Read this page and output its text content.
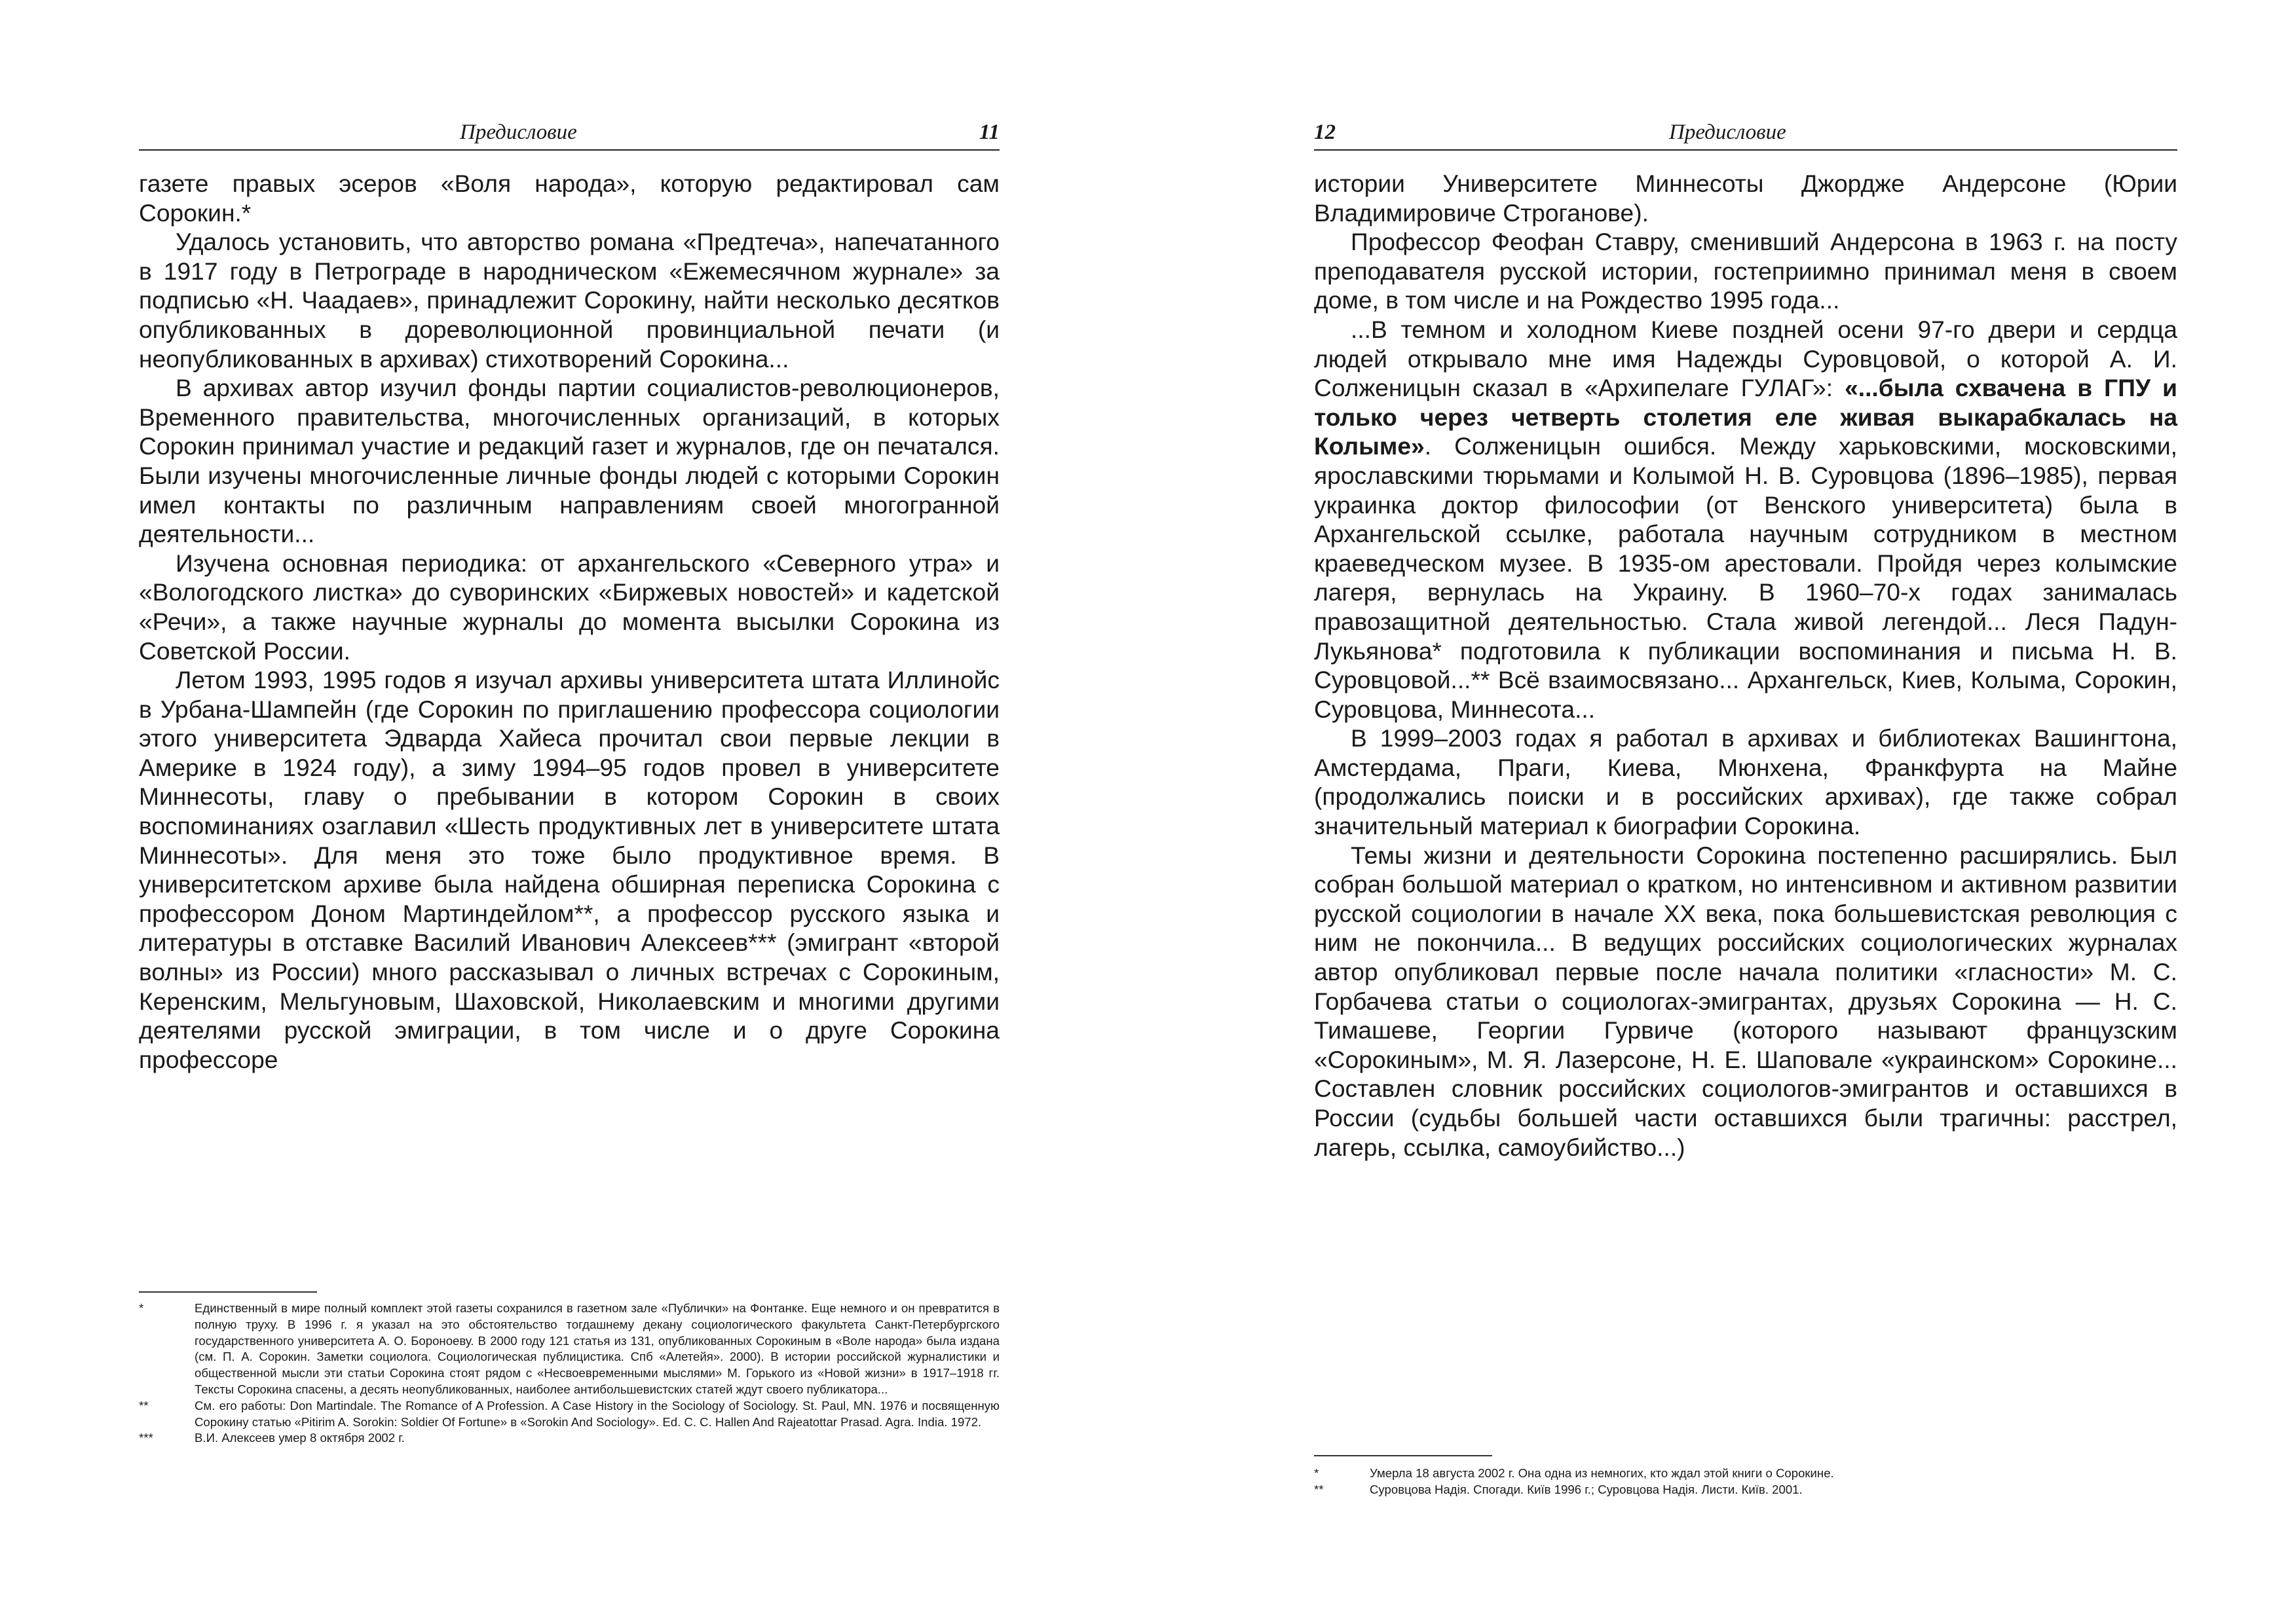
Предисловие	11

газете правых эсеров «Воля народа», которую редактировал сам Сорокин.*

Удалось установить, что авторство романа «Предтеча», напечатанного в 1917 году в Петрограде в народническом «Ежемесячном журнале» за подписью «Н. Чаадаев», принадлежит Сорокину, найти несколько десятков опубликованных в дореволюционной провинциальной печати (и неопубликованных в архивах) стихотворений Сорокина...

В архивах автор изучил фонды партии социалистов-революционеров, Временного правительства, многочисленных организаций, в которых Сорокин принимал участие и редакций газет и журналов, где он печатался. Были изучены многочисленные личные фонды людей с которыми Сорокин имел контакты по различным направлениям своей многогранной деятельности...

Изучена основная периодика: от архангельского «Северного утра» и «Вологодского листка» до суворинских «Биржевых новостей» и кадетской «Речи», а также научные журналы до момента высылки Сорокина из Советской России.

Летом 1993, 1995 годов я изучал архивы университета штата Иллинойс в Урбана-Шампейн (где Сорокин по приглашению профессора социологии этого университета Эдварда Хайеса прочитал свои первые лекции в Америке в 1924 году), а зиму 1994–95 годов провел в университете Миннесоты, главу о пребывании в котором Сорокин в своих воспоминаниях озаглавил «Шесть продуктивных лет в университете штата Миннесоты». Для меня это тоже было продуктивное время. В университетском архиве была найдена обширная переписка Сорокина с профессором Доном Мартиндейлом**, а профессор русского языка и литературы в отставке Василий Иванович Алексеев*** (эмигрант «второй волны» из России) много рассказывал о личных встречах с Сорокиным, Керенским, Мельгуновым, Шаховской, Николаевским и многими другими деятелями русской эмиграции, в том числе и о друге Сорокина профессоре

*	Единственный в мире полный комплект этой газеты сохранился в газетном зале «Публички» на Фонтанке. Еще немного и он превратится в полную труху. В 1996 г. я указал на это обстоятельство тогдашнему декану социологического факультета Санкт-Петербургского государственного университета А. О. Бороноеву. В 2000 году 121 статья из 131, опубликованных Сорокиным в «Воле народа» была издана (см. П. А. Сорокин. Заметки социолога. Социологическая публицистика. Спб «Алетейя». 2000). В истории российской журналистики и общественной мысли эти статьи Сорокина стоят рядом с «Несвоевременными мыслями» М. Горького из «Новой жизни» в 1917–1918 гг. Тексты Сорокина спасены, а десять неопубликованных, наиболее антибольшевистских статей ждут своего публикатора...
**	См. его работы: Don Martindale. The Romance of A Profession. A Case History in the Sociology of Sociology. St. Paul, MN. 1976 и посвященную Сорокину статью «Pitirim A. Sorokin: Soldier Of Fortune» в «Sorokin And Sociology». Ed. C. C. Hallen And Rajeatottar Prasad. Agra. India. 1972.
***	В.И. Алексеев умер 8 октября 2002 г.
12	Предисловие

истории Университете Миннесоты Джордже Андерсоне (Юрии Владимировиче Строганове).

Профессор Феофан Ставру, сменивший Андерсона в 1963 г. на посту преподавателя русской истории, гостеприимно принимал меня в своем доме, в том числе и на Рождество 1995 года...

...В темном и холодном Киеве поздней осени 97-го двери и сердца людей открывало мне имя Надежды Суровцовой, о которой А. И. Солженицын сказал в «Архипелаге ГУЛАГ»: «...была схвачена в ГПУ и только через четверть столетия еле живая выкарабкалась на Колыме». Солженицын ошибся. Между харьковскими, московскими, ярославскими тюрьмами и Колымой Н. В. Суровцова (1896–1985), первая украинка доктор философии (от Венского университета) была в Архангельской ссылке, работала научным сотрудником в местном краеведческом музее. В 1935-ом арестовали. Пройдя через колымские лагеря, вернулась на Украину. В 1960–70-х годах занималась правозащитной деятельностью. Стала живой легендой... Леся Падун-Лукьянова* подготовила к публикации воспоминания и письма Н. В. Суровцовой...** Всё взаимосвязано... Архангельск, Киев, Колыма, Сорокин, Суровцова, Миннесота...

В 1999–2003 годах я работал в архивах и библиотеках Вашингтона, Амстердама, Праги, Киева, Мюнхена, Франкфурта на Майне (продолжались поиски и в российских архивах), где также собрал значительный материал к биографии Сорокина.

Темы жизни и деятельности Сорокина постепенно расширялись. Был собран большой материал о кратком, но интенсивном и активном развитии русской социологии в начале XX века, пока большевистская революция с ним не покончила... В ведущих российских социологических журналах автор опубликовал первые после начала политики «гласности» М. С. Горбачева статьи о социологах-эмигрантах, друзьях Сорокина — Н. С. Тимашеве, Георгии Гурвиче (которого называют французским «Сорокиным», М. Я. Лазерсоне, Н. Е. Шаповале «украинском» Сорокине... Составлен словник российских социологов-эмигрантов и оставшихся в России (судьбы большей части оставшихся были трагичны: расстрел, лагерь, ссылка, самоубийство...)

*	Умерла 18 августа 2002 г. Она одна из немногих, кто ждал этой книги о Сорокине.
**	Суровцова Надія. Спогади. Київ 1996 г.; Суровцова Надія. Листи. Київ. 2001.
